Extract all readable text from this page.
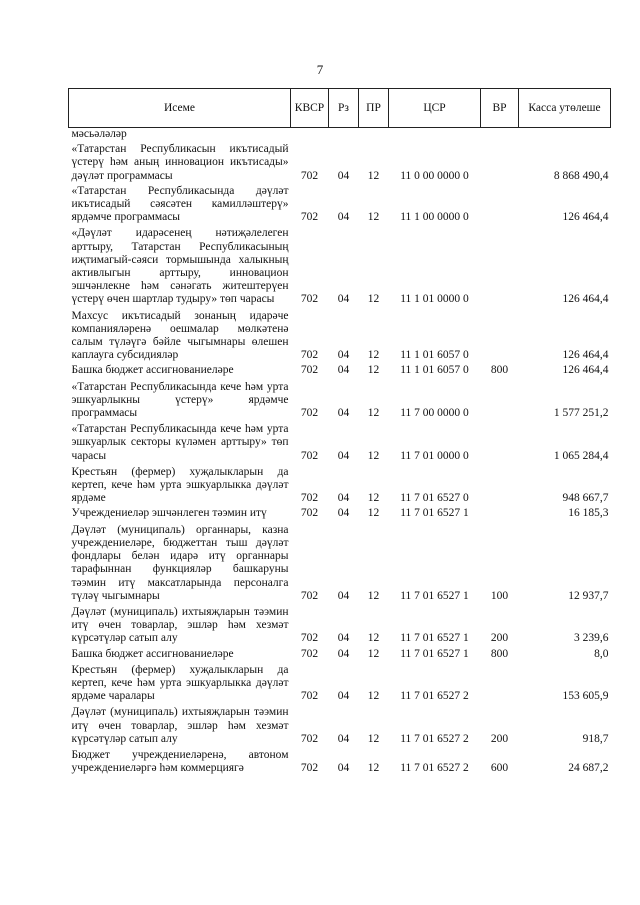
7
Исеме	КВСР	Рз	ПР	ЦСР	ВР	Касса утөлеше
мәсьәләләр						
«Татарстан Республикасын икътисадый үстерү һәм аның инновацион икътисады» дәүләт программасы	702	04	12	11 0 00 0000 0		8 868 490,4
«Татарстан Республикасында дәүләт икътисадый сәясәтен камилләштерү» ярдәмче программасы	702	04	12	11 1 00 0000 0		126 464,4
«Дәүләт идарәсенең нәтиҗәлелеген арттыру, Татарстан Республикасының иҗтимагый-сәяси тормышында халыкның активлыгын арттыру, инновацион эшчәнлекне һәм сәнәгать житештерүен үстерү өчен шартлар тудыру» төп чарасы	702	04	12	11 1 01 0000 0		126 464,4
Махсус икътисадый зонаның идарәче компанияләренә оешмалар мөлкәтенә салым түләүгә бәйле чыгымнары өлешен каплауга субсидияләр	702	04	12	11 1 01 6057 0		126 464,4
Башка бюджет ассигнованиеләре	702	04	12	11 1 01 6057 0	800	126 464,4
«Татарстан Республикасында кече һәм урта эшкуарлыкны үстерү» ярдәмче программасы	702	04	12	11 7 00 0000 0		1 577 251,2
«Татарстан Республикасында кече һәм урта эшкуарлык секторы күләмен арттыру» төп чарасы	702	04	12	11 7 01 0000 0		1 065 284,4
Крестьян (фермер) хуҗалыкларын да кертеп, кече һәм урта эшкуарлыкка дәүләт ярдәме	702	04	12	11 7 01 6527 0		948 667,7
Учреждениеләр эшчәнлеген тәэмин итү	702	04	12	11 7 01 6527 1		16 185,3
Дәүләт (муниципаль) органнары, казна учреждениеләре, бюджеттан тыш дәүләт фондлары белән идарә итү органнары тарафыннан функцияләр башкаруны тәэмин итү максатларында персоналга түләү чыгымнары	702	04	12	11 7 01 6527 1	100	12 937,7
Дәүләт (муниципаль) ихтыяҗларын тәэмин итү өчен товарлар, эшләр һәм хезмәт күрсәтүләр сатып алу	702	04	12	11 7 01 6527 1	200	3 239,6
Башка бюджет ассигнованиеләре	702	04	12	11 7 01 6527 1	800	8,0
Крестьян (фермер) хуҗалыкларын да кертеп, кече һәм урта эшкуарлыкка дәүләт ярдәме чаралары	702	04	12	11 7 01 6527 2		153 605,9
Дәүләт (муниципаль) ихтыяҗларын тәэмин итү өчен товарлар, эшләр һәм хезмәт күрсәтүләр сатып алу	702	04	12	11 7 01 6527 2	200	918,7
Бюджет учреждениеләренә, автоном учреждениеләргә һәм коммерциягә	702	04	12	11 7 01 6527 2	600	24 687,2
